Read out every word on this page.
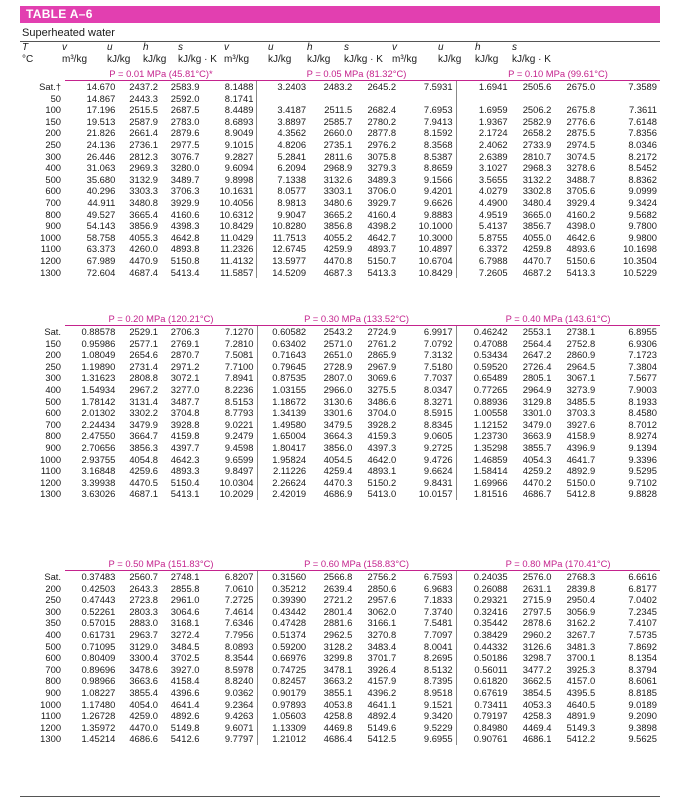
TABLE A–6
Superheated water
T	v	u	h	s	v	u	h	s	v	u	h	s
°C	m³/kg kJ/kg kJ/kg kJ/kg · K m³/kg kJ/kg kJ/kg kJ/kg · K m³/kg kJ/kg kJ/kg kJ/kg · K
	P = 0.01 MPa (45.81°C)*				P = 0.05 MPa (81.32°C)				P = 0.10 MPa (99.61°C)			
Sat.†	14.670	2437.2	2583.9	8.1488	3.2403	2483.2	2645.2	7.5931	1.6941	2505.6	2675.0	7.3589
50	14.867	2443.3	2592.0	8.1741								
100	17.196	2515.5	2687.5	8.4489	3.4187	2511.5	2682.4	7.6953	1.6959	2506.2	2675.8	7.3611
150	19.513	2587.9	2783.0	8.6893	3.8897	2585.7	2780.2	7.9413	1.9367	2582.9	2776.6	7.6148
200	21.826	2661.4	2879.6	8.9049	4.3562	2660.0	2877.8	8.1592	2.1724	2658.2	2875.5	7.8356
250	24.136	2736.1	2977.5	9.1015	4.8206	2735.1	2976.2	8.3568	2.4062	2733.9	2974.5	8.0346
300	26.446	2812.3	3076.7	9.2827	5.2841	2811.6	3075.8	8.5387	2.6389	2810.7	3074.5	8.2172
400	31.063	2969.3	3280.0	9.6094	6.2094	2968.9	3279.3	8.8659	3.1027	2968.3	3278.6	8.5452
500	35.680	3132.9	3489.7	9.8998	7.1338	3132.6	3489.3	9.1566	3.5655	3132.2	3488.7	8.8362
600	40.296	3303.3	3706.3	10.1631	8.0577	3303.1	3706.0	9.4201	4.0279	3302.8	3705.6	9.0999
700	44.911	3480.8	3929.9	10.4056	8.9813	3480.6	3929.7	9.6626	4.4900	3480.4	3929.4	9.3424
800	49.527	3665.4	4160.6	10.6312	9.9047	3665.2	4160.4	9.8883	4.9519	3665.0	4160.2	9.5682
900	54.143	3856.9	4398.3	10.8429	10.8280	3856.8	4398.2	10.1000	5.4137	3856.7	4398.0	9.7800
1000	58.758	4055.3	4642.8	11.0429	11.7513	4055.2	4642.7	10.3000	5.8755	4055.0	4642.6	9.9800
1100	63.373	4260.0	4893.8	11.2326	12.6745	4259.9	4893.7	10.4897	6.3372	4259.8	4893.6	10.1698
1200	67.989	4470.9	5150.8	11.4132	13.5977	4470.8	5150.7	10.6704	6.7988	4470.7	5150.6	10.3504
1300	72.604	4687.4	5413.4	11.5857	14.5209	4687.3	5413.3	10.8429	7.2605	4687.2	5413.3	10.5229
	P = 0.20 MPa (120.21°C)				P = 0.30 MPa (133.52°C)				P = 0.40 MPa (143.61°C)			
Sat.	0.88578	2529.1	2706.3	7.1270	0.60582	2543.2	2724.9	6.9917	0.46242	2553.1	2738.1	6.8955
150	0.95986	2577.1	2769.1	7.2810	0.63402	2571.0	2761.2	7.0792	0.47088	2564.4	2752.8	6.9306
200	1.08049	2654.6	2870.7	7.5081	0.71643	2651.0	2865.9	7.3132	0.53434	2647.2	2860.9	7.1723
250	1.19890	2731.4	2971.2	7.7100	0.79645	2728.9	2967.9	7.5180	0.59520	2726.4	2964.5	7.3804
300	1.31623	2808.8	3072.1	7.8941	0.87535	2807.0	3069.6	7.7037	0.65489	2805.1	3067.1	7.5677
400	1.54934	2967.2	3277.0	8.2236	1.03155	2966.0	3275.5	8.0347	0.77265	2964.9	3273.9	7.9003
500	1.78142	3131.4	3487.7	8.5153	1.18672	3130.6	3486.6	8.3271	0.88936	3129.8	3485.5	8.1933
600	2.01302	3302.2	3704.8	8.7793	1.34139	3301.6	3704.0	8.5915	1.00558	3301.0	3703.3	8.4580
700	2.24434	3479.9	3928.8	9.0221	1.49580	3479.5	3928.2	8.8345	1.12152	3479.0	3927.6	8.7012
800	2.47550	3664.7	4159.8	9.2479	1.65004	3664.3	4159.3	9.0605	1.23730	3663.9	4158.9	8.9274
900	2.70656	3856.3	4397.7	9.4598	1.80417	3856.0	4397.3	9.2725	1.35298	3855.7	4396.9	9.1394
1000	2.93755	4054.8	4642.3	9.6599	1.95824	4054.5	4642.0	9.4726	1.46859	4054.3	4641.7	9.3396
1100	3.16848	4259.6	4893.3	9.8497	2.11226	4259.4	4893.1	9.6624	1.58414	4259.2	4892.9	9.5295
1200	3.39938	4470.5	5150.4	10.0304	2.26624	4470.3	5150.2	9.8431	1.69966	4470.2	5150.0	9.7102
1300	3.63026	4687.1	5413.1	10.2029	2.42019	4686.9	5413.0	10.0157	1.81516	4686.7	5412.8	9.8828
	P = 0.50 MPa (151.83°C)				P = 0.60 MPa (158.83°C)				P = 0.80 MPa (170.41°C)			
Sat.	0.37483	2560.7	2748.1	6.8207	0.31560	2566.8	2756.2	6.7593	0.24035	2576.0	2768.3	6.6616
200	0.42503	2643.3	2855.8	7.0610	0.35212	2639.4	2850.6	6.9683	0.26088	2631.1	2839.8	6.8177
250	0.47443	2723.8	2961.0	7.2725	0.39390	2721.2	2957.6	7.1833	0.29321	2715.9	2950.4	7.0402
300	0.52261	2803.3	3064.6	7.4614	0.43442	2801.4	3062.0	7.3740	0.32416	2797.5	3056.9	7.2345
350	0.57015	2883.0	3168.1	7.6346	0.47428	2881.6	3166.1	7.5481	0.35442	2878.6	3162.2	7.4107
400	0.61731	2963.7	3272.4	7.7956	0.51374	2962.5	3270.8	7.7097	0.38429	2960.2	3267.7	7.5735
500	0.71095	3129.0	3484.5	8.0893	0.59200	3128.2	3483.4	8.0041	0.44332	3126.6	3481.3	7.8692
600	0.80409	3300.4	3702.5	8.3544	0.66976	3299.8	3701.7	8.2695	0.50186	3298.7	3700.1	8.1354
700	0.89696	3478.6	3927.0	8.5978	0.74725	3478.1	3926.4	8.5132	0.56011	3477.2	3925.3	8.3794
800	0.98966	3663.6	4158.4	8.8240	0.82457	3663.2	4157.9	8.7395	0.61820	3662.5	4157.0	8.6061
900	1.08227	3855.4	4396.6	9.0362	0.90179	3855.1	4396.2	8.9518	0.67619	3854.5	4395.5	8.8185
1000	1.17480	4054.0	4641.4	9.2364	0.97893	4053.8	4641.1	9.1521	0.73411	4053.3	4640.5	9.0189
1100	1.26728	4259.0	4892.6	9.4263	1.05603	4258.8	4892.4	9.3420	0.79197	4258.3	4891.9	9.2090
1200	1.35972	4470.0	5149.8	9.6071	1.13309	4469.8	5149.6	9.5229	0.84980	4469.4	5149.3	9.3898
1300	1.45214	4686.6	5412.6	9.7797	1.21012	4686.4	5412.5	9.6955	0.90761	4686.1	5412.2	9.5625
